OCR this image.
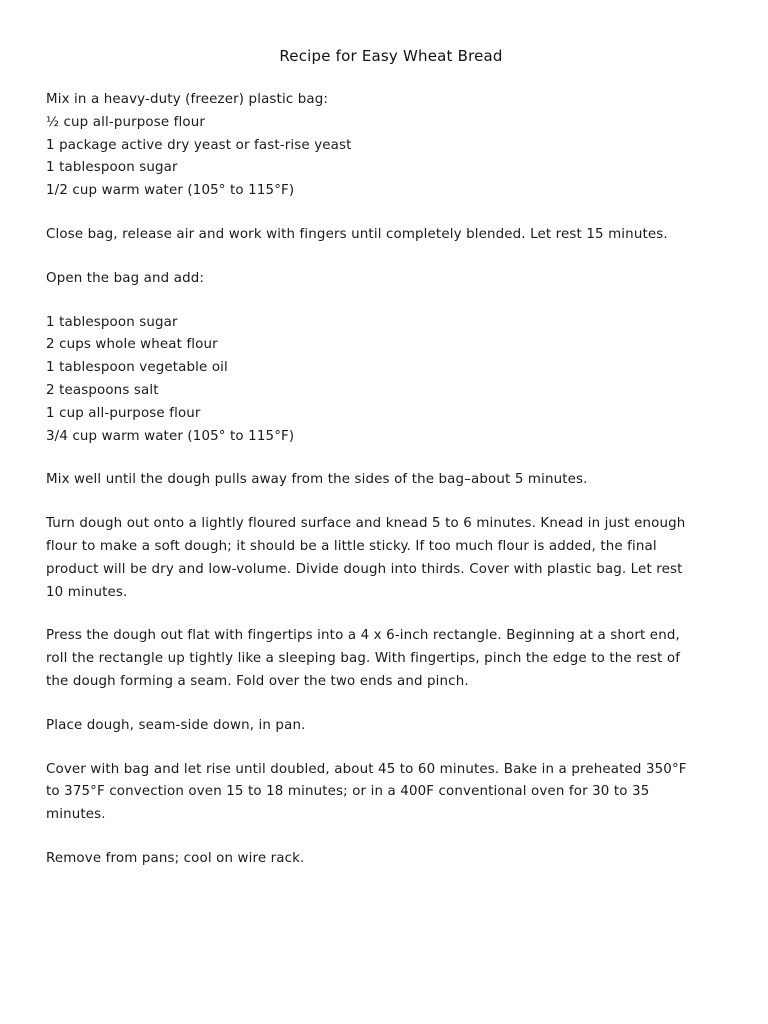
Recipe for Easy Wheat Bread
Mix in a heavy-duty (freezer) plastic bag:
½ cup all-purpose flour
1 package active dry yeast or fast-rise yeast
1 tablespoon sugar
1/2 cup warm water (105° to 115°F)
Close bag, release air and work with fingers until completely blended. Let rest 15 minutes.
Open the bag and add:
1 tablespoon sugar
2 cups whole wheat flour
1 tablespoon vegetable oil
2 teaspoons salt
1 cup all-purpose flour
3/4 cup warm water (105° to 115°F)
Mix well until the dough pulls away from the sides of the bag–about 5 minutes.
Turn dough out onto a lightly floured surface and knead 5 to 6 minutes. Knead in just enough
flour to make a soft dough; it should be a little sticky. If too much flour is added, the final
product will be dry and low-volume. Divide dough into thirds. Cover with plastic bag. Let rest
10 minutes.
Press the dough out flat with fingertips into a 4 x 6-inch rectangle. Beginning at a short end,
roll the rectangle up tightly like a sleeping bag. With fingertips, pinch the edge to the rest of
the dough forming a seam. Fold over the two ends and pinch.
Place dough, seam-side down, in pan.
Cover with bag and let rise until doubled, about 45 to 60 minutes. Bake in a preheated 350°F
to 375°F convection oven 15 to 18 minutes; or in a 400F conventional oven for 30 to 35
minutes.
Remove from pans; cool on wire rack.
